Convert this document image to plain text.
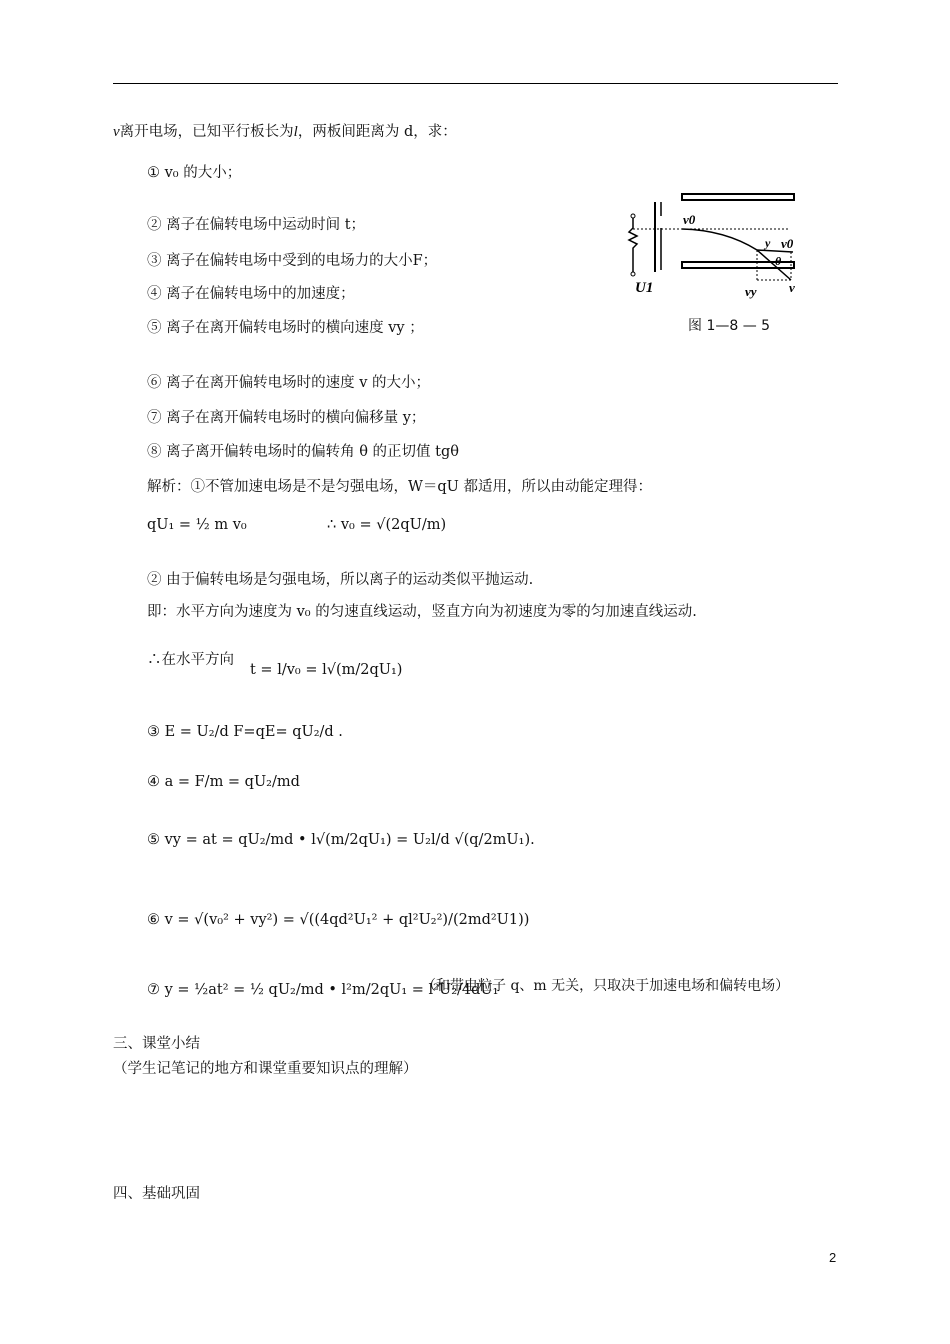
v离开电场，已知平行板长为l，两板间距离为 d，求：
① v₀ 的大小；
② 离子在偏转电场中运动时间 t；
③ 离子在偏转电场中受到的电场力的大小F；
④ 离子在偏转电场中的加速度；
⑤ 离子在离开偏转电场时的横向速度 vy ；
⑥ 离子在离开偏转电场时的速度 v 的大小；
⑦ 离子在离开偏转电场时的横向偏移量 y；
⑧ 离子离开偏转电场时的偏转角 θ 的正切值 tgθ
v0
y v0
θ
vy v
U1
图 1—8 — 5
解析：①不管加速电场是不是匀强电场，W＝qU 都适用，所以由动能定理得：
qU₁ = ½ m v₀	∴ v₀ = √(2qU/m)
② 由于偏转电场是匀强电场，所以离子的运动类似平抛运动.
即：水平方向为速度为 v₀ 的匀速直线运动，竖直方向为初速度为零的匀加速直线运动.
∴在水平方向
t = l/v₀ = l√(m/2qU₁)
③ E = U₂/d F=qE= qU₂/d .
④ a = F/m = qU₂/md
⑤ vy = at = qU₂/md • l√(m/2qU₁) = U₂l/d √(q/2mU₁).
⑥ v = √(v₀² + vy²) = √((4qd²U₁² + ql²U₂²)/(2md²U1))
⑦ y = ½at² = ½ qU₂/md • l²m/2qU₁ = l²U₂/4dU₁
（和带电粒子 q、m 无关，只取决于加速电场和偏转电场）
三、课堂小结
（学生记笔记的地方和课堂重要知识点的理解）
四、基础巩固
2
